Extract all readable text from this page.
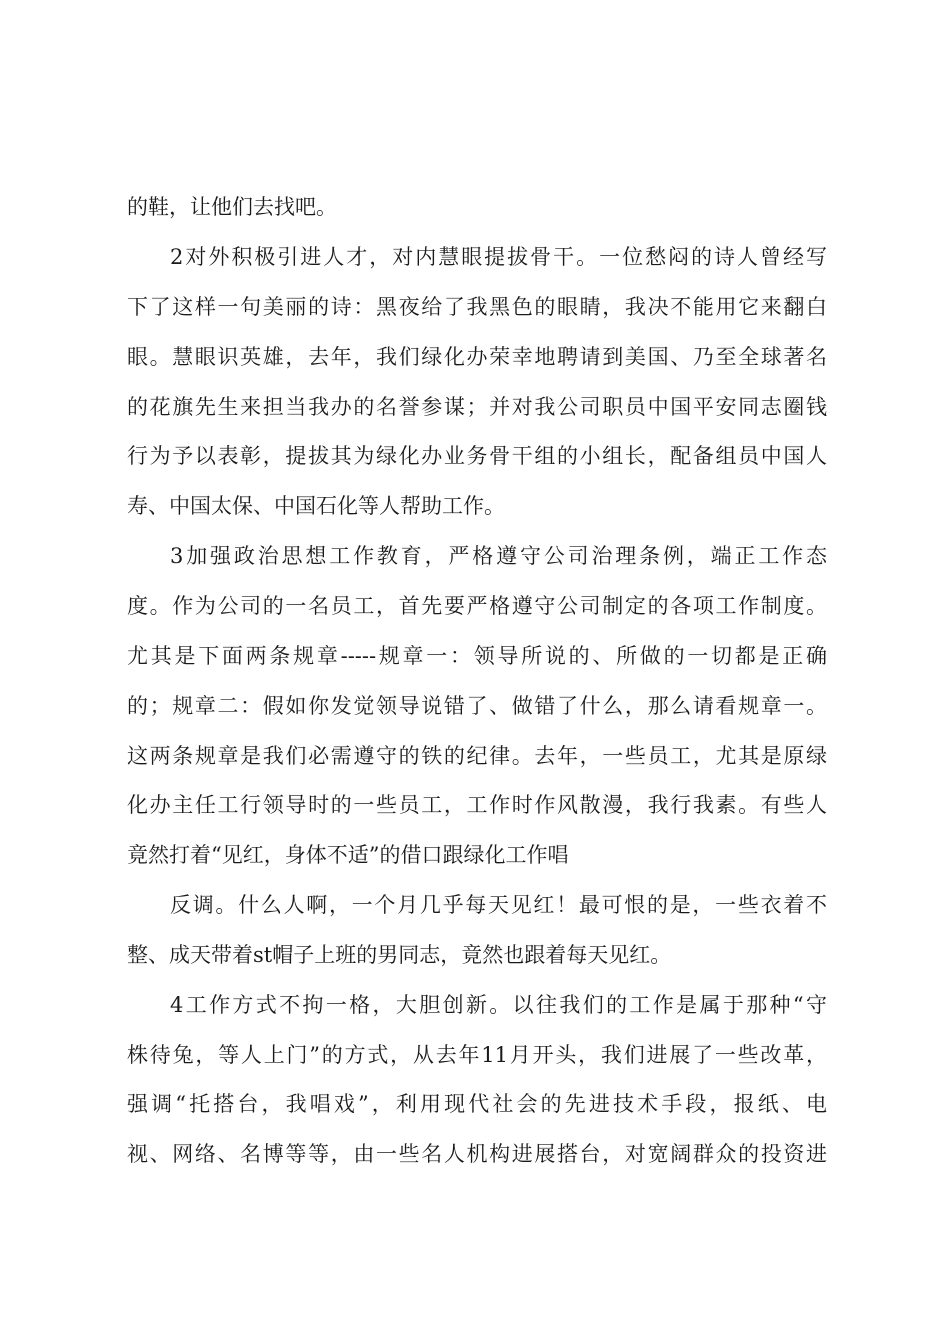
的鞋，让他们去找吧。
2对外积极引进人才，对内慧眼提拔骨干。一位愁闷的诗人曾经写
下了这样一句美丽的诗：黑夜给了我黑色的眼睛，我决不能用它来翻白
眼。慧眼识英雄，去年，我们绿化办荣幸地聘请到美国、乃至全球著名
的花旗先生来担当我办的名誉参谋；并对我公司职员中国平安同志圈钱
行为予以表彰，提拔其为绿化办业务骨干组的小组长，配备组员中国人
寿、中国太保、中国石化等人帮助工作。
3加强政治思想工作教育，严格遵守公司治理条例，端正工作态
度。作为公司的一名员工，首先要严格遵守公司制定的各项工作制度。
尤其是下面两条规章-----规章一：领导所说的、所做的一切都是正确
的；规章二：假如你发觉领导说错了、做错了什么，那么请看规章一。
这两条规章是我们必需遵守的铁的纪律。去年，一些员工，尤其是原绿
化办主任工行领导时的一些员工，工作时作风散漫，我行我素。有些人
竟然打着“见红，身体不适”的借口跟绿化工作唱
反调。什么人啊，一个月几乎每天见红！最可恨的是，一些衣着不
整、成天带着st帽子上班的男同志，竟然也跟着每天见红。
4工作方式不拘一格，大胆创新。以往我们的工作是属于那种“守
株待兔，等人上门”的方式，从去年11月开头，我们进展了一些改革，
强调“托搭台，我唱戏”，利用现代社会的先进技术手段，报纸、电
视、网络、名博等等，由一些名人机构进展搭台，对宽阔群众的投资进
